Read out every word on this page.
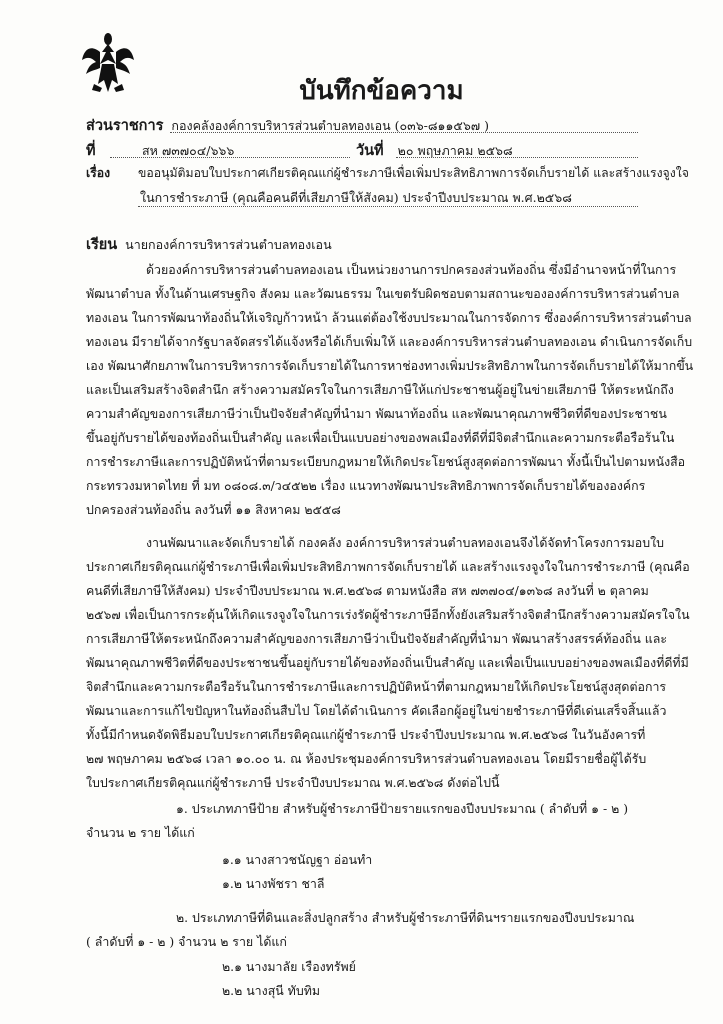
บันทึกข้อความ
ส่วนราชการ กองคลังองค์การบริหารส่วนตำบลทองเอน (๐๓๖-๘๑๑๕๖๗ )
ที่	สห ๗๓๗๐๔/๖๖๖	วันที่ ๒๐ พฤษภาคม ๒๕๖๘
เรื่อง ขออนุมัติมอบใบประกาศเกียรติคุณแก่ผู้ชำระภาษีเพื่อเพิ่มประสิทธิภาพการจัดเก็บรายได้ และสร้างแรงจูงใจ
ในการชำระภาษี (คุณคือคนดีที่เสียภาษีให้สังคม) ประจำปีงบประมาณ พ.ศ.๒๕๖๘
เรียน นายกองค์การบริหารส่วนตำบลทองเอน
ด้วยองค์การบริหารส่วนตำบลทองเอน เป็นหน่วยงานการปกครองส่วนท้องถิ่น ซึ่งมีอำนาจหน้าที่ในการ
พัฒนาตำบล ทั้งในด้านเศรษฐกิจ สังคม และวัฒนธรรม ในเขตรับผิดชอบตามสถานะขององค์การบริหารส่วนตำบล
ทองเอน ในการพัฒนาท้องถิ่นให้เจริญก้าวหน้า ล้วนแต่ต้องใช้งบประมาณในการจัดการ ซึ่งองค์การบริหารส่วนตำบล
ทองเอน มีรายได้จากรัฐบาลจัดสรรได้แจ้งหรือได้เก็บเพิ่มให้ และองค์การบริหารส่วนตำบลทองเอน ดำเนินการจัดเก็บ
เอง พัฒนาศักยภาพในการบริหารการจัดเก็บรายได้ในการหาช่องทางเพิ่มประสิทธิภาพในการจัดเก็บรายได้ให้มากขึ้น
และเป็นเสริมสร้างจิตสำนึก สร้างความสมัครใจในการเสียภาษีให้แก่ประชาชนผู้อยู่ในข่ายเสียภาษี ให้ตระหนักถึง
ความสำคัญของการเสียภาษีว่าเป็นปัจจัยสำคัญที่นำมา พัฒนาท้องถิ่น และพัฒนาคุณภาพชีวิตที่ดีของประชาชน
ขึ้นอยู่กับรายได้ของท้องถิ่นเป็นสำคัญ และเพื่อเป็นแบบอย่างของพลเมืองที่ดีที่มีจิตสำนึกและความกระตือรือร้นใน
การชำระภาษีและการปฏิบัติหน้าที่ตามระเบียบกฎหมายให้เกิดประโยชน์สูงสุดต่อการพัฒนา ทั้งนี้เป็นไปตามหนังสือ
กระทรวงมหาดไทย ที่ มท ๐๘๐๘.๓/ว๔๕๒๒ เรื่อง แนวทางพัฒนาประสิทธิภาพการจัดเก็บรายได้ขององค์กร
ปกครองส่วนท้องถิ่น ลงวันที่ ๑๑ สิงหาคม ๒๕๕๘
งานพัฒนาและจัดเก็บรายได้ กองคลัง องค์การบริหารส่วนตำบลทองเอนจึงได้จัดทำโครงการมอบใบ
ประกาศเกียรติคุณแก่ผู้ชำระภาษีเพื่อเพิ่มประสิทธิภาพการจัดเก็บรายได้ และสร้างแรงจูงใจในการชำระภาษี (คุณคือ
คนดีที่เสียภาษีให้สังคม) ประจำปีงบประมาณ พ.ศ.๒๕๖๘ ตามหนังสือ สห ๗๓๗๐๔/๑๓๖๘ ลงวันที่ ๒ ตุลาคม
๒๕๖๗ เพื่อเป็นการกระตุ้นให้เกิดแรงจูงใจในการเร่งรัดผู้ชำระภาษีอีกทั้งยังเสริมสร้างจิตสำนึกสร้างความสมัครใจใน
การเสียภาษีให้ตระหนักถึงความสำคัญของการเสียภาษีว่าเป็นปัจจัยสำคัญที่นำมา พัฒนาสร้างสรรค์ท้องถิ่น และ
พัฒนาคุณภาพชีวิตที่ดีของประชาชนขึ้นอยู่กับรายได้ของท้องถิ่นเป็นสำคัญ และเพื่อเป็นแบบอย่างของพลเมืองที่ดีที่มี
จิตสำนึกและความกระตือรือร้นในการชำระภาษีและการปฏิบัติหน้าที่ตามกฎหมายให้เกิดประโยชน์สูงสุดต่อการ
พัฒนาและการแก้ไขปัญหาในท้องถิ่นสืบไป โดยได้ดำเนินการ คัดเลือกผู้อยู่ในข่ายชำระภาษีที่ดีเด่นเสร็จสิ้นแล้ว
ทั้งนี้มีกำหนดจัดพิธีมอบใบประกาศเกียรติคุณแก่ผู้ชำระภาษี ประจำปีงบประมาณ พ.ศ.๒๕๖๘ ในวันอังคารที่
๒๗ พฤษภาคม ๒๕๖๘ เวลา ๑๐.๐๐ น. ณ ห้องประชุมองค์การบริหารส่วนตำบลทองเอน โดยมีรายชื่อผู้ได้รับ
ใบประกาศเกียรติคุณแก่ผู้ชำระภาษี ประจำปีงบประมาณ พ.ศ.๒๕๖๘ ดังต่อไปนี้
๑. ประเภทภาษีป้าย สำหรับผู้ชำระภาษีป้ายรายแรกของปีงบประมาณ ( ลำดับที่ ๑ - ๒ )
จำนวน ๒ ราย ได้แก่
๑.๑ นางสาวชนัญฐา อ่อนทำ
๑.๒ นางพัชรา ชาลี
๒. ประเภทภาษีที่ดินและสิ่งปลูกสร้าง สำหรับผู้ชำระภาษีที่ดินฯรายแรกของปีงบประมาณ
( ลำดับที่ ๑ - ๒ ) จำนวน ๒ ราย ได้แก่
๒.๑ นางมาลัย เรืองทรัพย์
๒.๒ นางสุนี ทับทิม
